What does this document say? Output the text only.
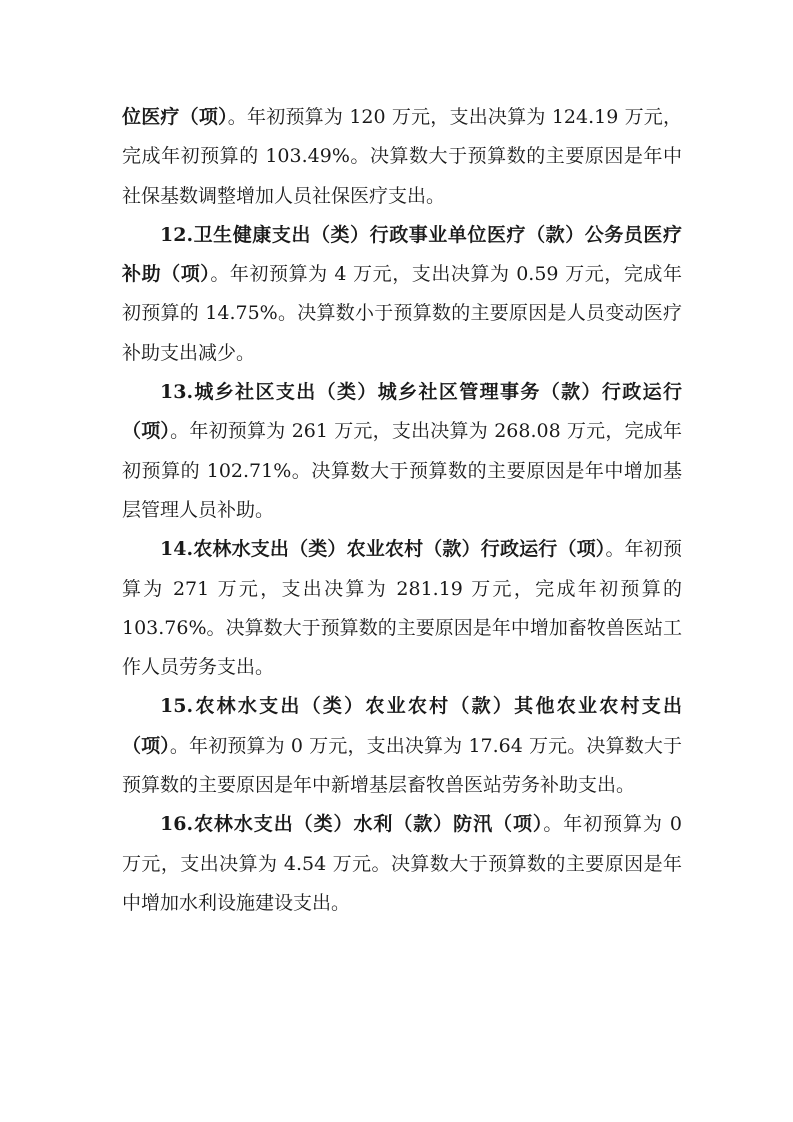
位医疗（项）。年初预算为 120 万元，支出决算为 124.19 万元，完成年初预算的 103.49%。决算数大于预算数的主要原因是年中社保基数调整增加人员社保医疗支出。

12.卫生健康支出（类）行政事业单位医疗（款）公务员医疗补助（项）。年初预算为 4 万元，支出决算为 0.59 万元，完成年初预算的 14.75%。决算数小于预算数的主要原因是人员变动医疗补助支出减少。

13.城乡社区支出（类）城乡社区管理事务（款）行政运行（项）。年初预算为 261 万元，支出决算为 268.08 万元，完成年初预算的 102.71%。决算数大于预算数的主要原因是年中增加基层管理人员补助。

14.农林水支出（类）农业农村（款）行政运行（项）。年初预算为 271 万元，支出决算为 281.19 万元，完成年初预算的 103.76%。决算数大于预算数的主要原因是年中增加畜牧兽医站工作人员劳务支出。

15.农林水支出（类）农业农村（款）其他农业农村支出（项）。年初预算为 0 万元，支出决算为 17.64 万元。决算数大于预算数的主要原因是年中新增基层畜牧兽医站劳务补助支出。

16.农林水支出（类）水利（款）防汛（项）。年初预算为 0 万元，支出决算为 4.54 万元。决算数大于预算数的主要原因是年中增加水利设施建设支出。
